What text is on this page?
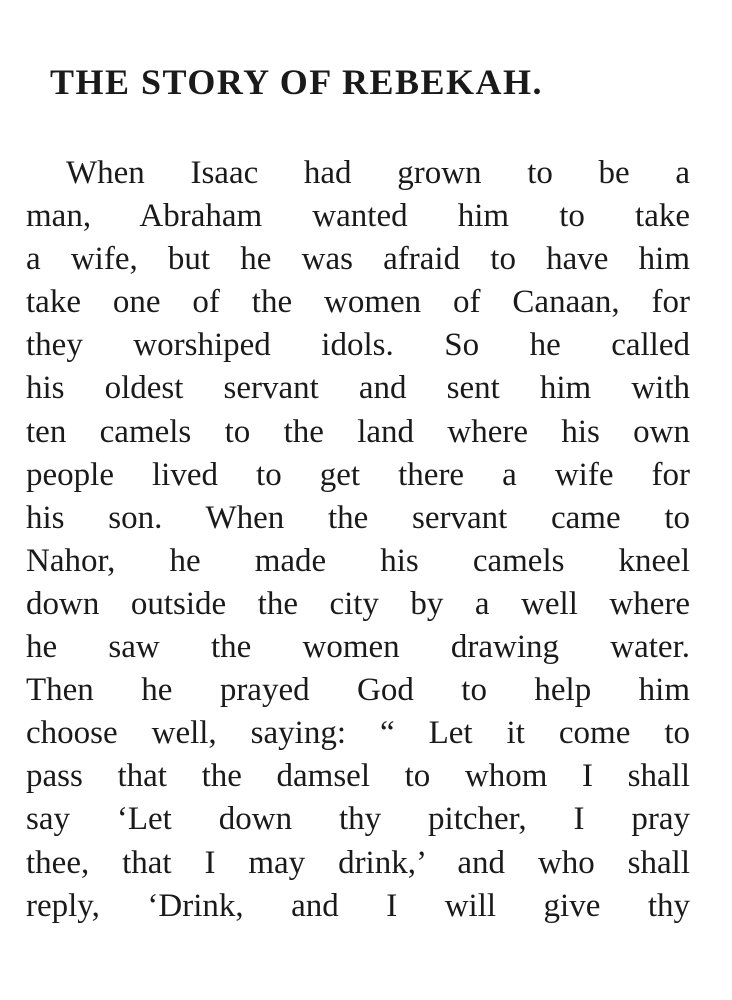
THE STORY OF REBEKAH.
When Isaac had grown to be a
man, Abraham wanted him to take
a wife, but he was afraid to have him
take one of the women of Canaan, for
they worshiped idols. So he called
his oldest servant and sent him with
ten camels to the land where his own
people lived to get there a wife for
his son. When the servant came to
Nahor, he made his camels kneel
down outside the city by a well where
he saw the women drawing water.
Then he prayed God to help him
choose well, saying: “ Let it come to
pass that the damsel to whom I shall
say ‘Let down thy pitcher, I pray
thee, that I may drink,’ and who shall
reply, ‘Drink, and I will give thy
